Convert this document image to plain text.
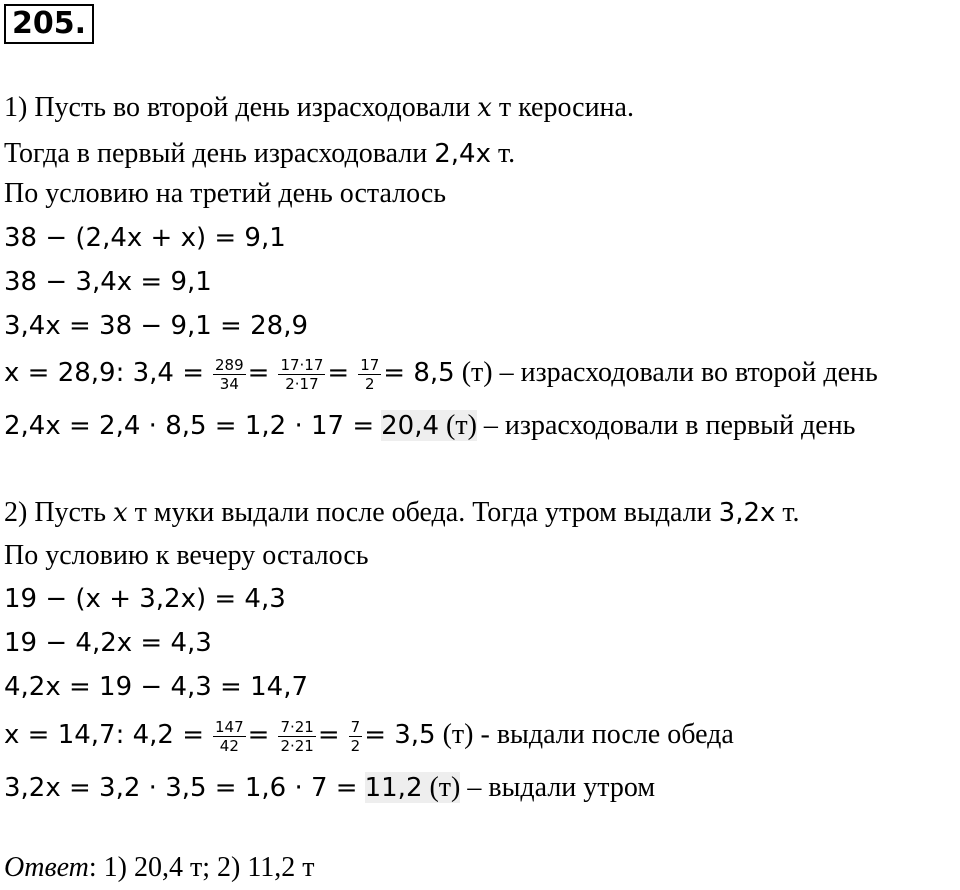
205.
1) Пусть во второй день израсходовали x т керосина.
Тогда в первый день израсходовали 2,4x т.
По условию на третий день осталось
38 − (2,4x + x) = 9,1
38 − 3,4x = 9,1
3,4x = 38 − 9,1 = 28,9
x = 28,9: $3,4 = \frac{289}{34} = \frac{17\cdot 17}{2\cdot 17} = \frac{17}{2} = 8,5$ (т) – израсходовали во второй день
2,4x = 2,4 · 8,5 = 1,2 · 17 = 20,4 (т) – израсходовали в первый день
2) Пусть x т муки выдали после обеда. Тогда утром выдали 3,2x т.
По условию к вечеру осталось
19 − (x + 3,2x) = 4,3
19 − 4,2x = 4,3
4,2x = 19 − 4,3 = 14,7
x = 14,7: $4,2 = \frac{147}{42} = \frac{7\cdot 21}{2\cdot 21} = \frac{7}{2} = 3,5$ (т) - выдали после обеда
3,2x = 3,2 · 3,5 = 1,6 · 7 = 11,2 (т) – выдали утром
Ответ: 1) 20,4 т; 2) 11,2 т
